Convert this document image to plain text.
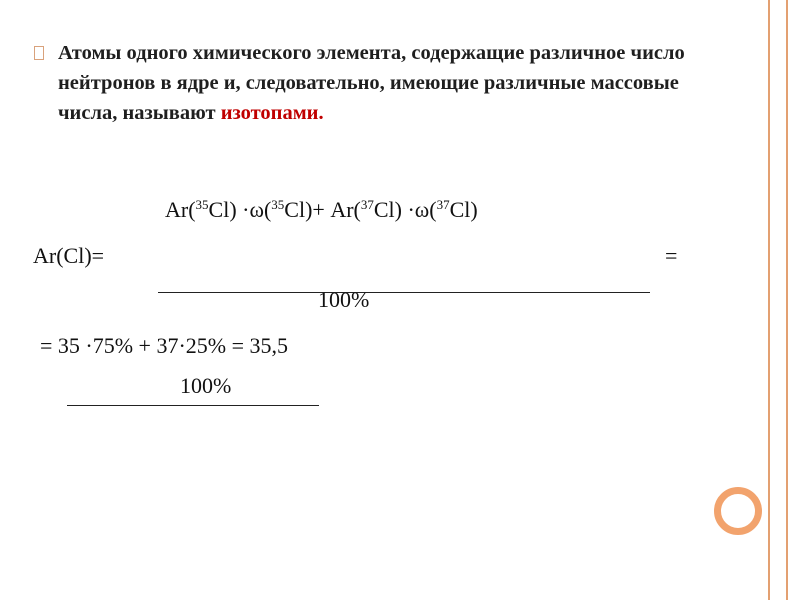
Атомы одного химического элемента, содержащие различное число нейтронов в ядре и, следовательно, имеющие различные массовые числа, называют изотопами.
Ar($^{35}$Cl) ·ω($^{35}$Cl)+ Ar($^{37}$Cl) ·ω($^{37}$Cl)
Ar(Cl)=	=
100%
= 35 ·75% + 37·25% = 35,5
100%
